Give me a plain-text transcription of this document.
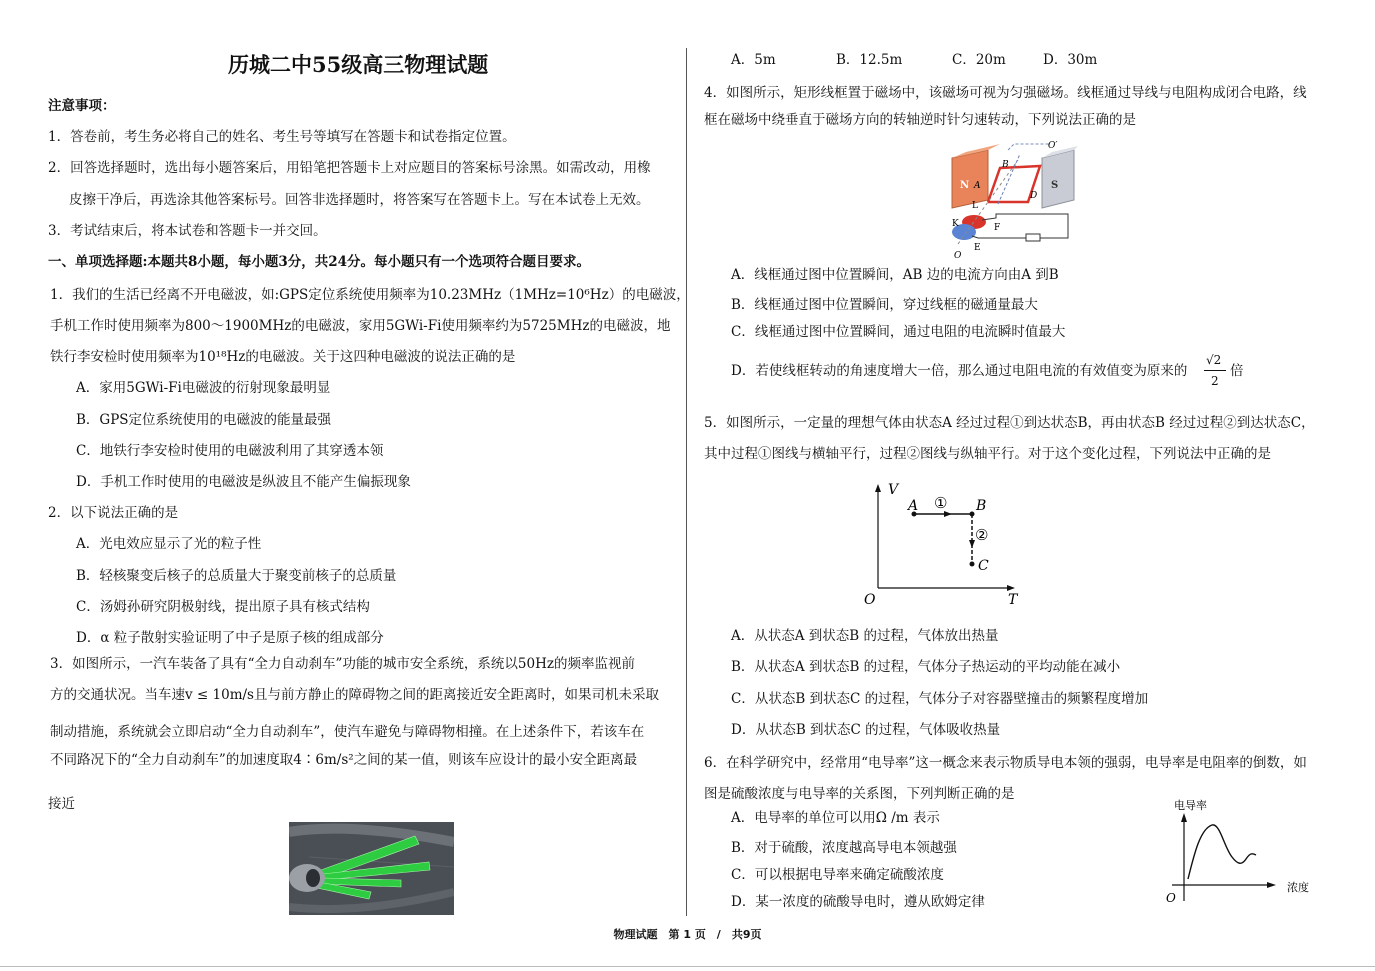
历城二中55级高三物理试题
注意事项：
1．答卷前，考生务必将自己的姓名、考生号等填写在答题卡和试卷指定位置。
2．回答选择题时，选出每小题答案后，用铅笔把答题卡上对应题目的答案标号涂黑。如需改动，用橡
皮擦干净后，再选涂其他答案标号。回答非选择题时，将答案写在答题卡上。写在本试卷上无效。
3．考试结束后，将本试卷和答题卡一并交回。
一、单项选择题:本题共8小题，每小题3分，共24分。每小题只有一个选项符合题目要求。
1．我们的生活已经离不开电磁波，如:GPS定位系统使用频率为10.23MHz（1MHz=10⁶Hz）的电磁波，
手机工作时使用频率为800～1900MHz的电磁波，家用5GWi-Fi使用频率约为5725MHz的电磁波，地
铁行李安检时使用频率为10¹⁸Hz的电磁波。关于这四种电磁波的说法正确的是
A．家用5GWi-Fi电磁波的衍射现象最明显
B．GPS定位系统使用的电磁波的能量最强
C．地铁行李安检时使用的电磁波利用了其穿透本领
D．手机工作时使用的电磁波是纵波且不能产生偏振现象
2．以下说法正确的是
A．光电效应显示了光的粒子性
B．轻核聚变后核子的总质量大于聚变前核子的总质量
C．汤姆孙研究阴极射线，提出原子具有核式结构
D．α 粒子散射实验证明了中子是原子核的组成部分
3．如图所示，一汽车装备了具有“全力自动刹车”功能的城市安全系统，系统以50Hz的频率监视前
方的交通状况。当车速v ≤ 10m/s且与前方静止的障碍物之间的距离接近安全距离时，如果司机未采取
制动措施，系统就会立即启动“全力自动刹车”，使汽车避免与障碍物相撞。在上述条件下，若该车在
不同路况下的“全力自动刹车”的加速度取4∶6m/s²之间的某一值，则该车应设计的最小安全距离最
接近
A．5m	B．12.5m	C．20m	D．30m
4．如图所示，矩形线框置于磁场中，该磁场可视为匀强磁场。线框通过导线与电阻构成闭合电路，线
框在磁场中绕垂直于磁场方向的转轴逆时针匀速转动，下列说法正确的是
N	S
B
A
D
O′
L
K	F
E
O
A．线框通过图中位置瞬间，AB 边的电流方向由A 到B
B．线框通过图中位置瞬间，穿过线框的磁通量最大
C．线框通过图中位置瞬间，通过电阻的电流瞬时值最大
D．若使线框转动的角速度增大一倍，那么通过电阻电流的有效值变为原来的
√2
2
倍
5．如图所示，一定量的理想气体由状态A 经过过程①到达状态B，再由状态B 经过过程②到达状态C，
其中过程①图线与横轴平行，过程②图线与纵轴平行。对于这个变化过程，下列说法中正确的是
V
T
O
A	B
C
①
②
A．从状态A 到状态B 的过程，气体放出热量
B．从状态A 到状态B 的过程，气体分子热运动的平均动能在减小
C．从状态B 到状态C 的过程，气体分子对容器壁撞击的频繁程度增加
D．从状态B 到状态C 的过程，气体吸收热量
6．在科学研究中，经常用“电导率”这一概念来表示物质导电本领的强弱，电导率是电阻率的倒数，如
图是硫酸浓度与电导率的关系图，下列判断正确的是
A．电导率的单位可以用Ω /m 表示
B．对于硫酸，浓度越高导电本领越强
C．可以根据电导率来确定硫酸浓度
D．某一浓度的硫酸导电时，遵从欧姆定律
电导率
浓度
O
物理试题　第 1 页　/　共9页
